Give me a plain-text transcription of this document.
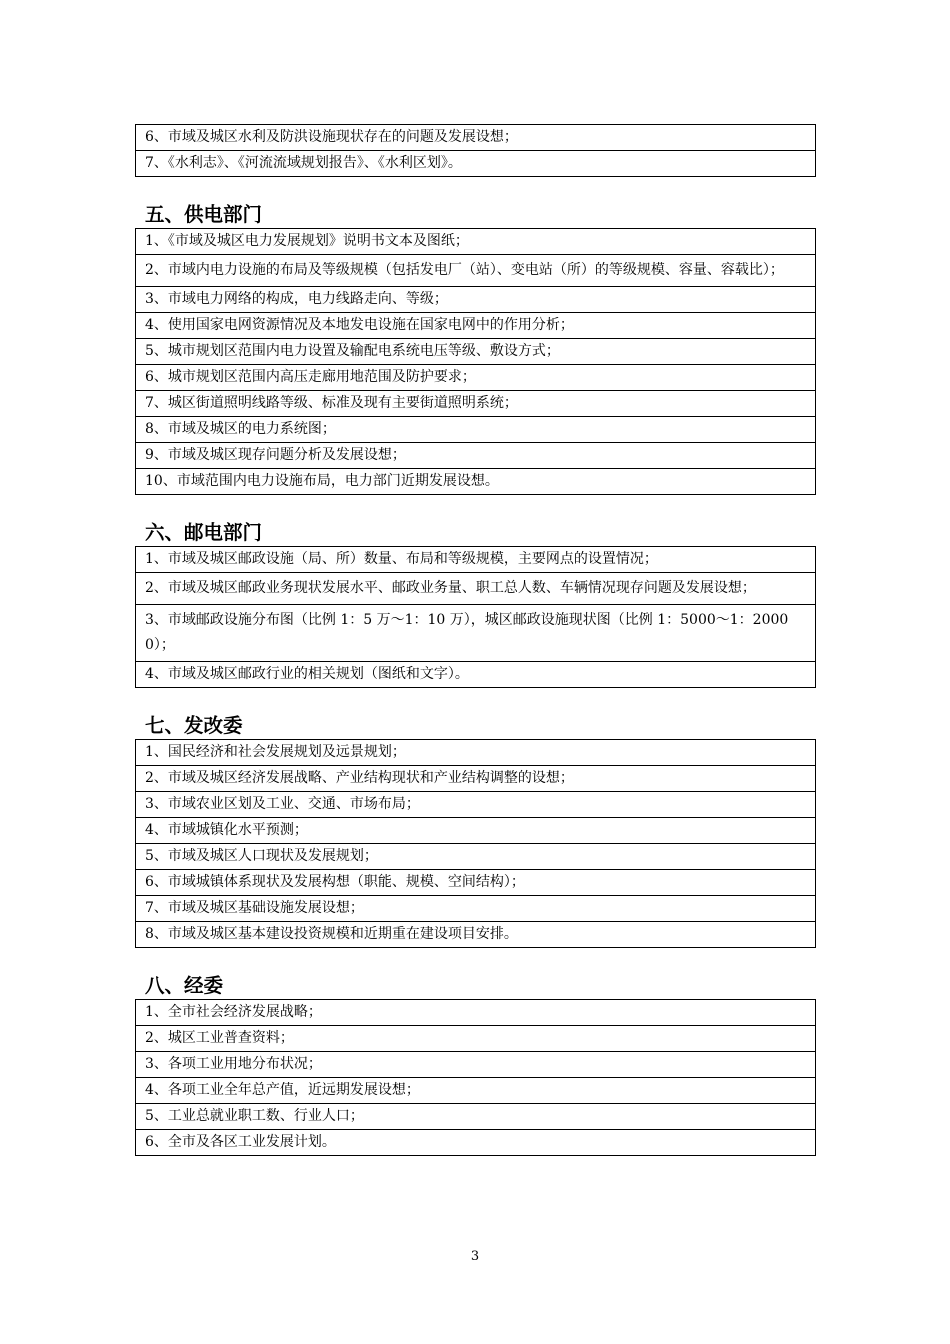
6、市域及城区水利及防洪设施现状存在的问题及发展设想；
7、《水利志》、《河流流域规划报告》、《水利区划》。
五、供电部门
1、《市域及城区电力发展规划》说明书文本及图纸；
2、市域内电力设施的布局及等级规模（包括发电厂（站）、变电站（所）的等级规模、容量、容载比）；
3、市域电力网络的构成，电力线路走向、等级；
4、使用国家电网资源情况及本地发电设施在国家电网中的作用分析；
5、城市规划区范围内电力设置及输配电系统电压等级、敷设方式；
6、城市规划区范围内高压走廊用地范围及防护要求；
7、城区街道照明线路等级、标准及现有主要街道照明系统；
8、市域及城区的电力系统图；
9、市域及城区现存问题分析及发展设想；
10、市域范围内电力设施布局，电力部门近期发展设想。
六、邮电部门
1、市域及城区邮政设施（局、所）数量、布局和等级规模，主要网点的设置情况；
2、市域及城区邮政业务现状发展水平、邮政业务量、职工总人数、车辆情况现存问题及发展设想；
3、市域邮政设施分布图（比例 1：5 万～1：10 万），城区邮政设施现状图（比例 1：5000～1：20000）；
4、市域及城区邮政行业的相关规划（图纸和文字）。
七、发改委
1、国民经济和社会发展规划及远景规划；
2、市域及城区经济发展战略、产业结构现状和产业结构调整的设想；
3、市域农业区划及工业、交通、市场布局；
4、市域城镇化水平预测；
5、市域及城区人口现状及发展规划；
6、市域城镇体系现状及发展构想（职能、规模、空间结构）；
7、市域及城区基础设施发展设想；
8、市域及城区基本建设投资规模和近期重在建设项目安排。
八、经委
1、全市社会经济发展战略；
2、城区工业普查资料；
3、各项工业用地分布状况；
4、各项工业全年总产值，近远期发展设想；
5、工业总就业职工数、行业人口；
6、全市及各区工业发展计划。
3
